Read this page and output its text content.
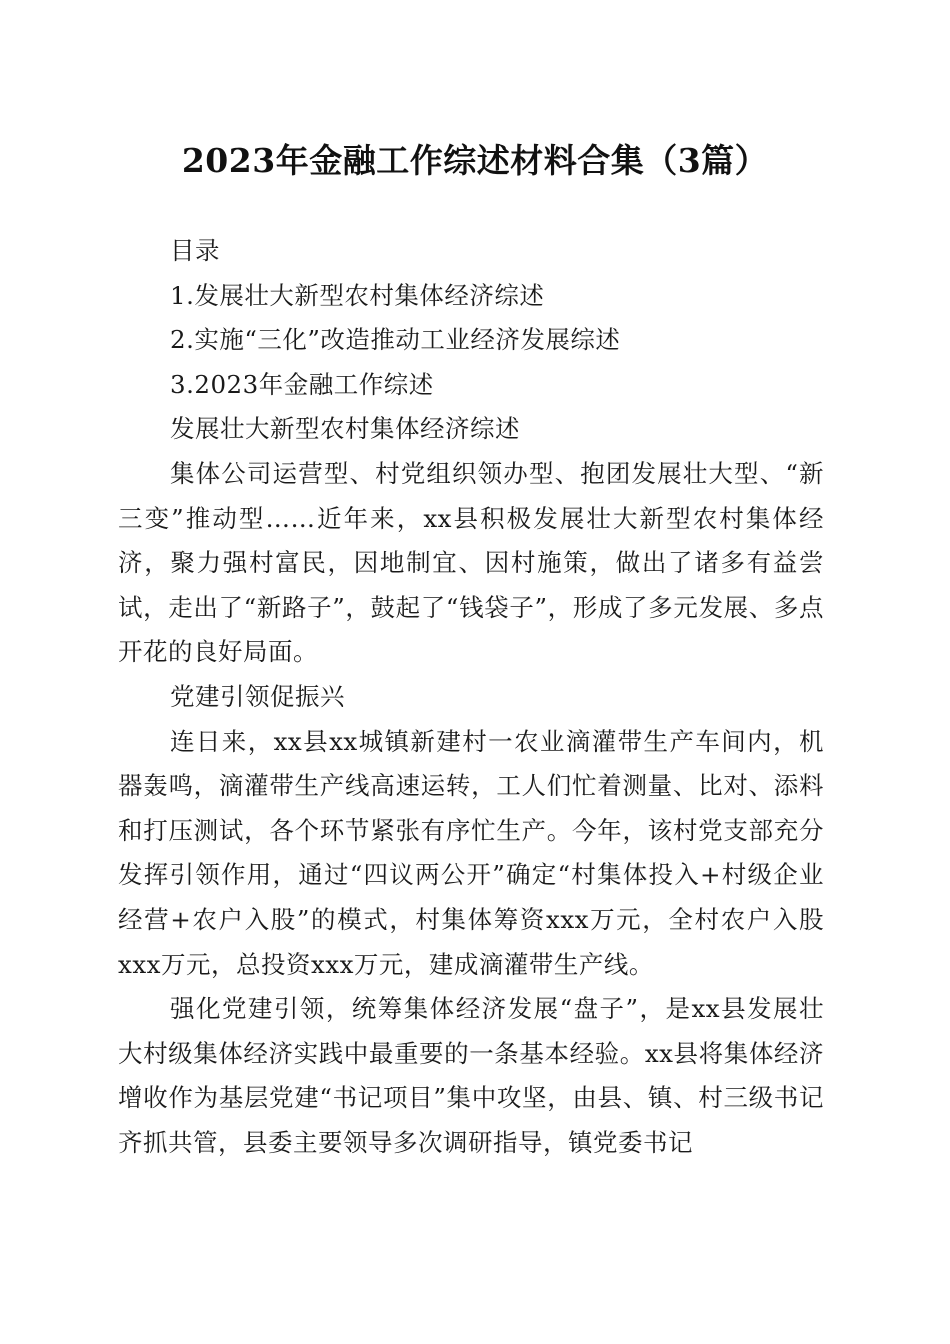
2023年金融工作综述材料合集（3篇）

目录

1.发展壮大新型农村集体经济综述

2.实施“三化”改造推动工业经济发展综述

3.2023年金融工作综述

发展壮大新型农村集体经济综述

集体公司运营型、村党组织领办型、抱团发展壮大型、“新三变”推动型……近年来，xx县积极发展壮大新型农村集体经济，聚力强村富民，因地制宜、因村施策，做出了诸多有益尝试，走出了“新路子”，鼓起了“钱袋子”，形成了多元发展、多点开花的良好局面。

党建引领促振兴

连日来，xx县xx城镇新建村一农业滴灌带生产车间内，机器轰鸣，滴灌带生产线高速运转，工人们忙着测量、比对、添料和打压测试，各个环节紧张有序忙生产。今年，该村党支部充分发挥引领作用，通过“四议两公开”确定“村集体投入+村级企业经营+农户入股”的模式，村集体筹资xxx万元，全村农户入股xxx万元，总投资xxx万元，建成滴灌带生产线。

强化党建引领，统筹集体经济发展“盘子”，是xx县发展壮大村级集体经济实践中最重要的一条基本经验。xx县将集体经济增收作为基层党建“书记项目”集中攻坚，由县、镇、村三级书记齐抓共管，县委主要领导多次调研指导，镇党委书记
